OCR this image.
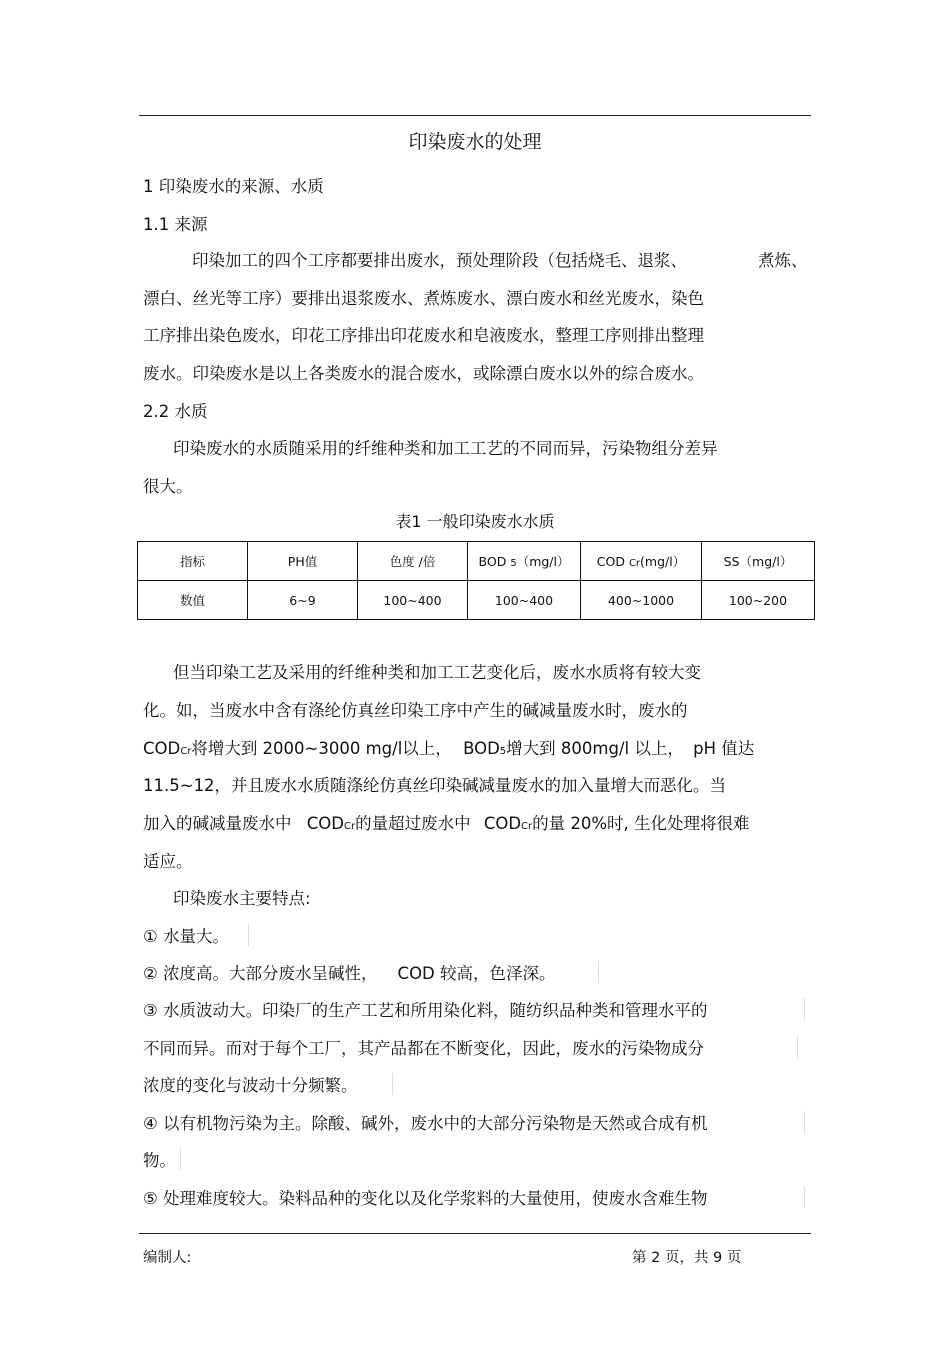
印染废水的处理
1 印染废水的来源、水质
1.1 来源
印染加工的四个工序都要排出废水，预处理阶段（包括烧毛、退浆、	煮炼、
漂白、丝光等工序）要排出退浆废水、煮炼废水、漂白废水和丝光废水，染色
工序排出染色废水，印花工序排出印花废水和皂液废水，整理工序则排出整理
废水。印染废水是以上各类废水的混合废水，或除漂白废水以外的综合废水。
2.2 水质
印染废水的水质随采用的纤维种类和加工工艺的不同而异，污染物组分差异
很大。
表1 一般印染废水水质
指标	PH值	色度 /倍	BOD 5（mg/l）	COD Cr(mg/l）	SS（mg/l）
数值	6~9	100~400	100~400	400~1000	100~200
但当印染工艺及采用的纤维种类和加工工艺变化后，废水水质将有较大变
化。如，当废水中含有涤纶仿真丝印染工序中产生的碱减量废水时，废水的
CODCr将增大到 2000~3000 mg/l以上， BOD5增大到 800mg/l 以上， pH 值达
11.5~12，并且废水水质随涤纶仿真丝印染碱减量废水的加入量增大而恶化。当
加入的碱减量废水中 CODCr的量超过废水中 CODCr的量 20%时, 生化处理将很难
适应。
印染废水主要特点:
① 水量大。
② 浓度高。大部分废水呈碱性， COD 较高，色泽深。
③ 水质波动大。印染厂的生产工艺和所用染化料，随纺织品种类和管理水平的
不同而异。而对于每个工厂，其产品都在不断变化，因此，废水的污染物成分
浓度的变化与波动十分频繁。
④ 以有机物污染为主。除酸、碱外，废水中的大部分污染物是天然或合成有机
物。
⑤ 处理难度较大。染料品种的变化以及化学浆料的大量使用，使废水含难生物
编制人:	第 2 页，共 9 页
